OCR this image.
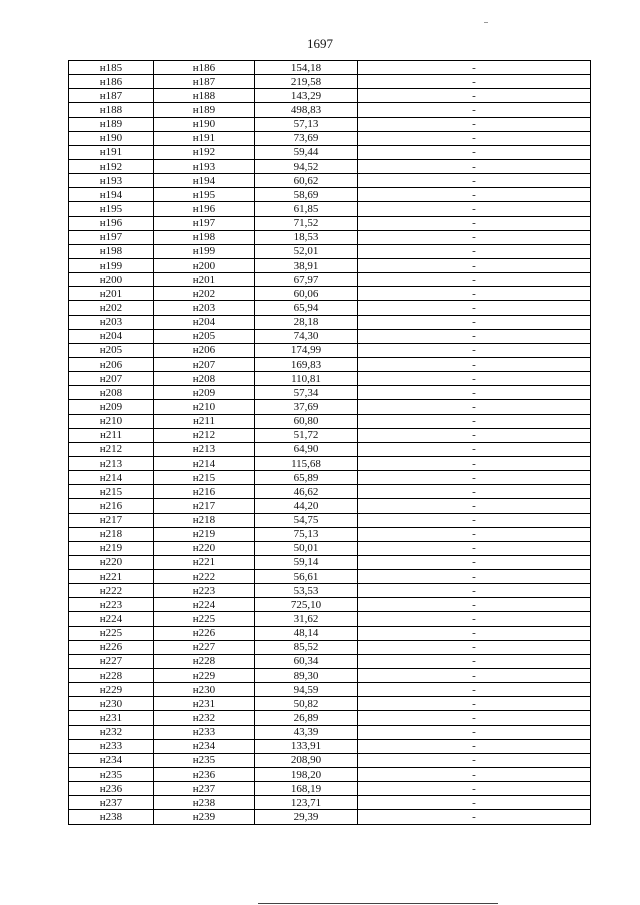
1697
н185	н186	154,18	-
н186	н187	219,58	-
н187	н188	143,29	-
н188	н189	498,83	-
н189	н190	57,13	-
н190	н191	73,69	-
н191	н192	59,44	-
н192	н193	94,52	-
н193	н194	60,62	-
н194	н195	58,69	-
н195	н196	61,85	-
н196	н197	71,52	-
н197	н198	18,53	-
н198	н199	52,01	-
н199	н200	38,91	-
н200	н201	67,97	-
н201	н202	60,06	-
н202	н203	65,94	-
н203	н204	28,18	-
н204	н205	74,30	-
н205	н206	174,99	-
н206	н207	169,83	-
н207	н208	110,81	-
н208	н209	57,34	-
н209	н210	37,69	-
н210	н211	60,80	-
н211	н212	51,72	-
н212	н213	64,90	-
н213	н214	115,68	-
н214	н215	65,89	-
н215	н216	46,62	-
н216	н217	44,20	-
н217	н218	54,75	-
н218	н219	75,13	-
н219	н220	50,01	-
н220	н221	59,14	-
н221	н222	56,61	-
н222	н223	53,53	-
н223	н224	725,10	-
н224	н225	31,62	-
н225	н226	48,14	-
н226	н227	85,52	-
н227	н228	60,34	-
н228	н229	89,30	-
н229	н230	94,59	-
н230	н231	50,82	-
н231	н232	26,89	-
н232	н233	43,39	-
н233	н234	133,91	-
н234	н235	208,90	-
н235	н236	198,20	-
н236	н237	168,19	-
н237	н238	123,71	-
н238	н239	29,39	-
